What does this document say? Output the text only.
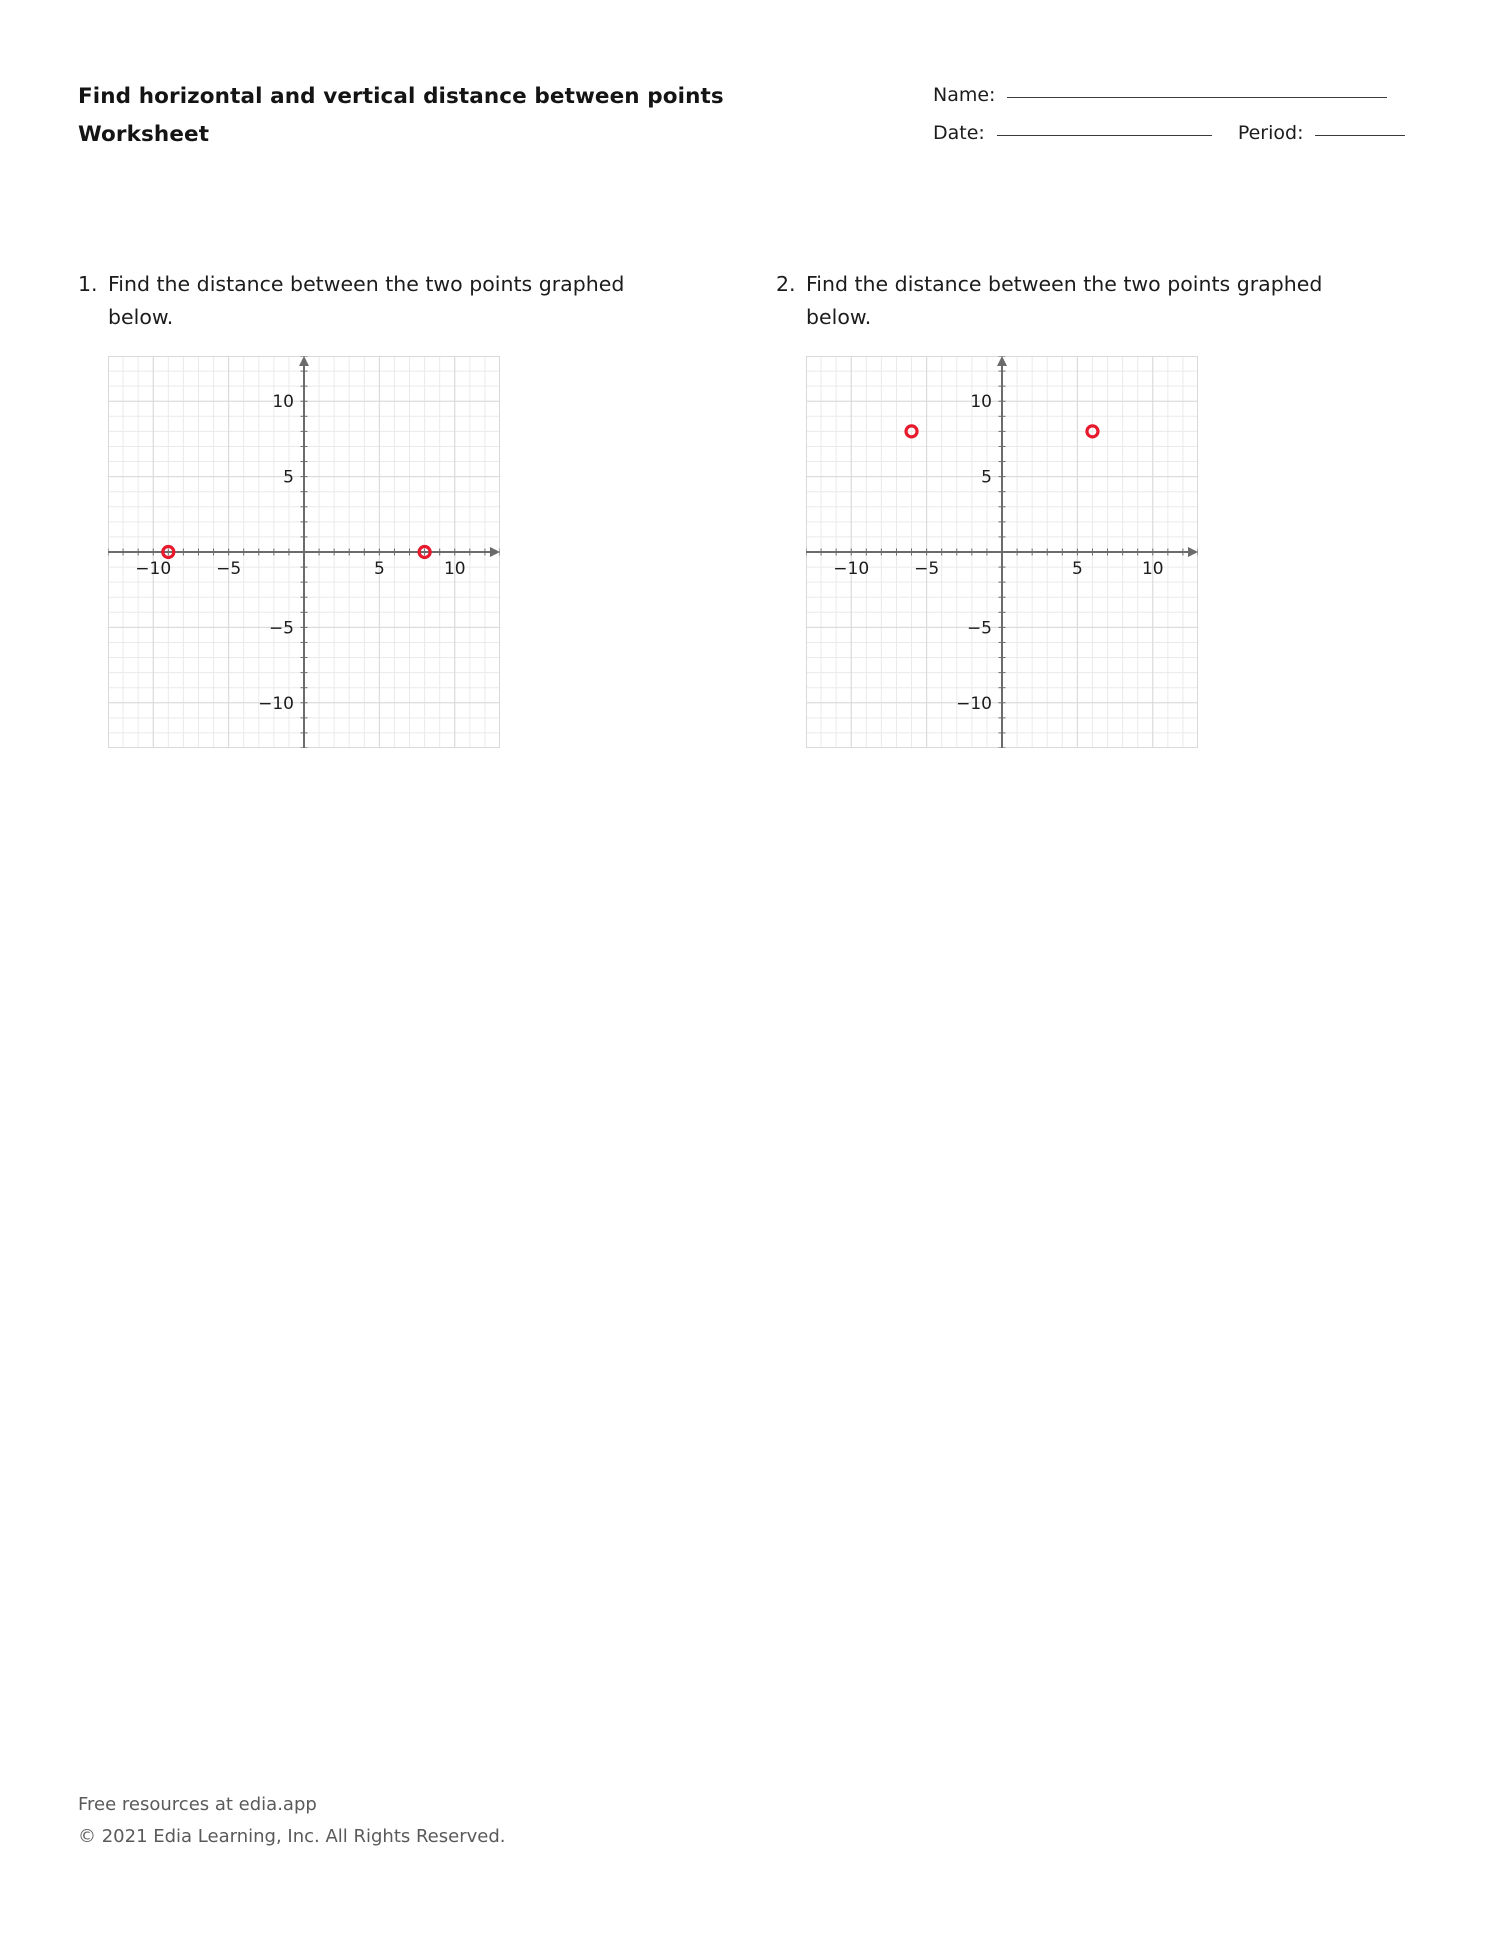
Find horizontal and vertical distance between points
Worksheet
Name:
Date:	Period:
1. Find the distance between the two points graphed below.
−10	−5	5	10
10
5
−5
−10
2. Find the distance between the two points graphed below.
−10	−5	5	10
10
5
−5
−10
Free resources at edia.app
© 2021 Edia Learning, Inc. All Rights Reserved.
